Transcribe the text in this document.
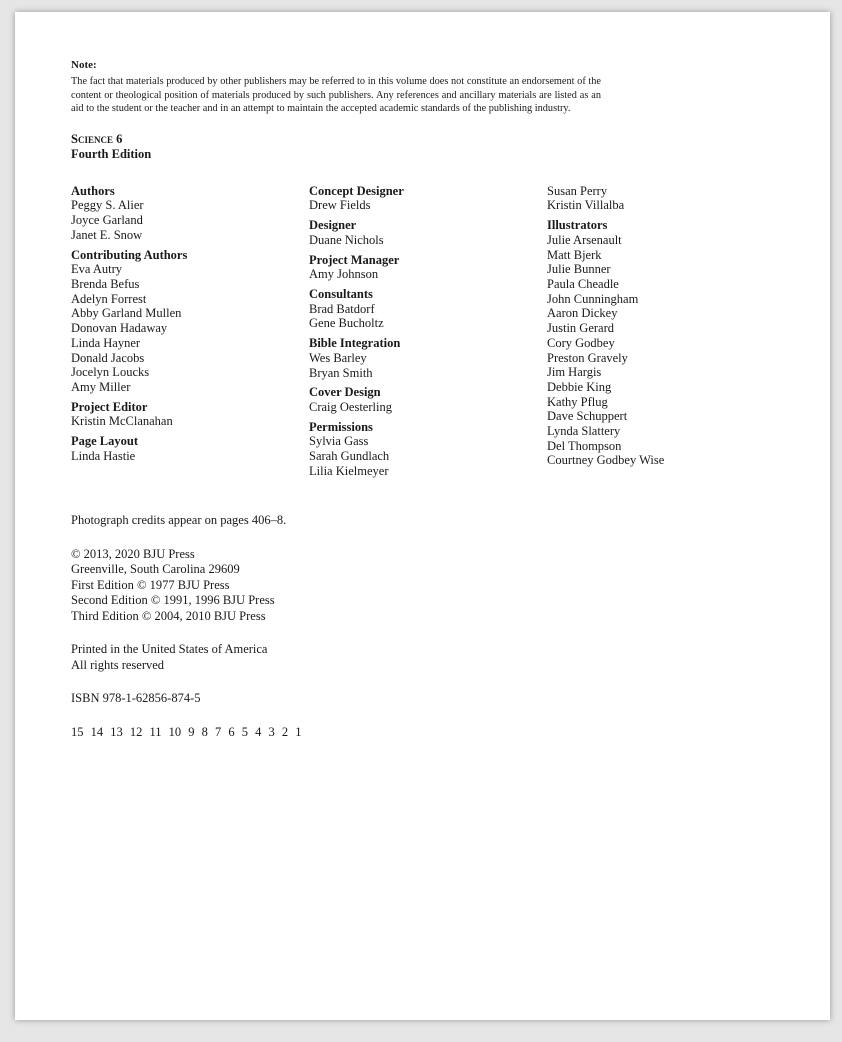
Note:
The fact that materials produced by other publishers may be referred to in this volume does not constitute an endorsement of the content or theological position of materials produced by such publishers. Any references and ancillary materials are listed as an aid to the student or the teacher and in an attempt to maintain the accepted academic standards of the publishing industry.
Science 6
Fourth Edition
Authors
Peggy S. Alier
Joyce Garland
Janet E. Snow
Contributing Authors
Eva Autry
Brenda Befus
Adelyn Forrest
Abby Garland Mullen
Donovan Hadaway
Linda Hayner
Donald Jacobs
Jocelyn Loucks
Amy Miller
Project Editor
Kristin McClanahan
Page Layout
Linda Hastie
Concept Designer
Drew Fields
Designer
Duane Nichols
Project Manager
Amy Johnson
Consultants
Brad Batdorf
Gene Bucholtz
Bible Integration
Wes Barley
Bryan Smith
Cover Design
Craig Oesterling
Permissions
Sylvia Gass
Sarah Gundlach
Lilia Kielmeyer
Susan Perry
Kristin Villalba
Illustrators
Julie Arsenault
Matt Bjerk
Julie Bunner
Paula Cheadle
John Cunningham
Aaron Dickey
Justin Gerard
Cory Godbey
Preston Gravely
Jim Hargis
Debbie King
Kathy Pflug
Dave Schuppert
Lynda Slattery
Del Thompson
Courtney Godbey Wise
Photograph credits appear on pages 406–8.
© 2013, 2020 BJU Press
Greenville, South Carolina 29609
First Edition © 1977 BJU Press
Second Edition © 1991, 1996 BJU Press
Third Edition © 2004, 2010 BJU Press
Printed in the United States of America
All rights reserved
ISBN 978-1-62856-874-5
15 14 13 12 11 10 9 8 7 6 5 4 3 2 1
